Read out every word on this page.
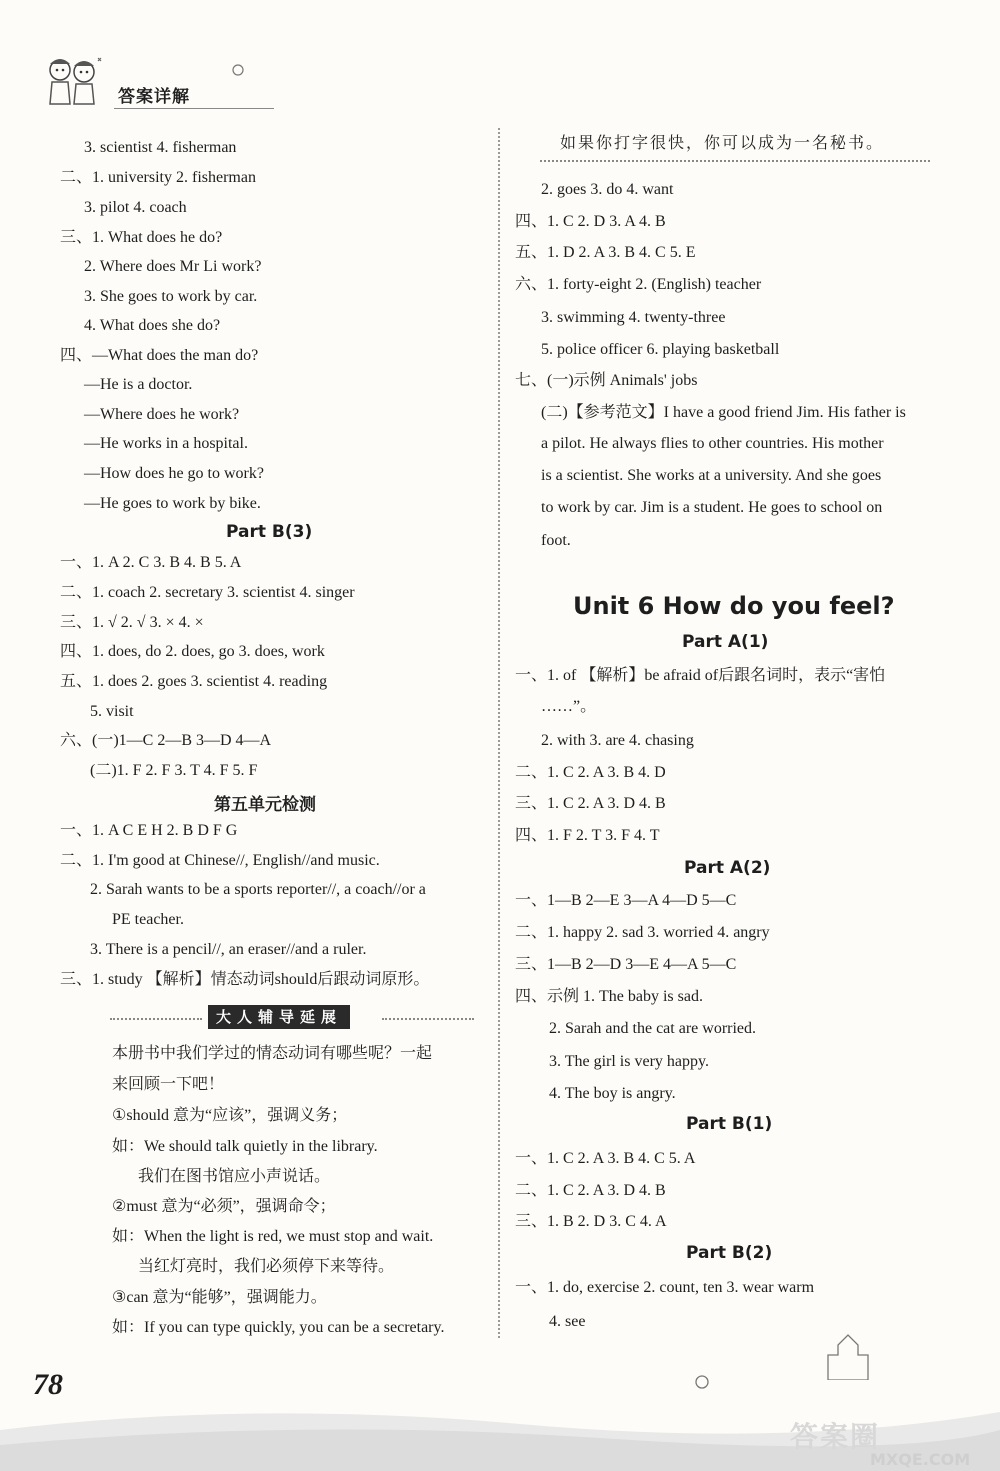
答案详解
3. scientist 4. fisherman
二、1. university 2. fisherman
3. pilot 4. coach
三、1. What does he do?
2. Where does Mr Li work?
3. She goes to work by car.
4. What does she do?
四、—What does the man do?
—He is a doctor.
—Where does he work?
—He works in a hospital.
—How does he go to work?
—He goes to work by bike.
Part B(3)
一、1. A 2. C 3. B 4. B 5. A
二、1. coach 2. secretary 3. scientist 4. singer
三、1. √ 2. √ 3. × 4. ×
四、1. does, do 2. does, go 3. does, work
五、1. does 2. goes 3. scientist 4. reading
5. visit
六、(一)1—C 2—B 3—D 4—A
(二)1. F 2. F 3. T 4. F 5. F
第五单元检测
一、1. A C E H 2. B D F G
二、1. I'm good at Chinese//, English//and music.
2. Sarah wants to be a sports reporter//, a coach//or a
PE teacher.
3. There is a pencil//, an eraser//and a ruler.
三、1. study 【解析】情态动词should后跟动词原形。
大人辅导延展
本册书中我们学过的情态动词有哪些呢？一起
来回顾一下吧！
①should 意为“应该”，强调义务；
如：We should talk quietly in the library.
我们在图书馆应小声说话。
②must 意为“必须”，强调命令；
如：When the light is red, we must stop and wait.
当红灯亮时，我们必须停下来等待。
③can 意为“能够”，强调能力。
如：If you can type quickly, you can be a secretary.
如果你打字很快，你可以成为一名秘书。
2. goes 3. do 4. want
四、1. C 2. D 3. A 4. B
五、1. D 2. A 3. B 4. C 5. E
六、1. forty-eight 2. (English) teacher
3. swimming 4. twenty-three
5. police officer 6. playing basketball
七、(一)示例 Animals' jobs
(二)【参考范文】I have a good friend Jim. His father is
a pilot. He always flies to other countries. His mother
is a scientist. She works at a university. And she goes
to work by car. Jim is a student. He goes to school on
foot.
Unit 6 How do you feel?
Part A(1)
一、1. of 【解析】be afraid of后跟名词时，表示“害怕
……”。
2. with 3. are 4. chasing
二、1. C 2. A 3. B 4. D
三、1. C 2. A 3. D 4. B
四、1. F 2. T 3. F 4. T
Part A(2)
一、1—B 2—E 3—A 4—D 5—C
二、1. happy 2. sad 3. worried 4. angry
三、1—B 2—D 3—E 4—A 5—C
四、示例 1. The baby is sad.
2. Sarah and the cat are worried.
3. The girl is very happy.
4. The boy is angry.
Part B(1)
一、1. C 2. A 3. B 4. C 5. A
二、1. C 2. A 3. D 4. B
三、1. B 2. D 3. C 4. A
Part B(2)
一、1. do, exercise 2. count, ten 3. wear warm
4. see
78
答案圈
MXQE.COM
